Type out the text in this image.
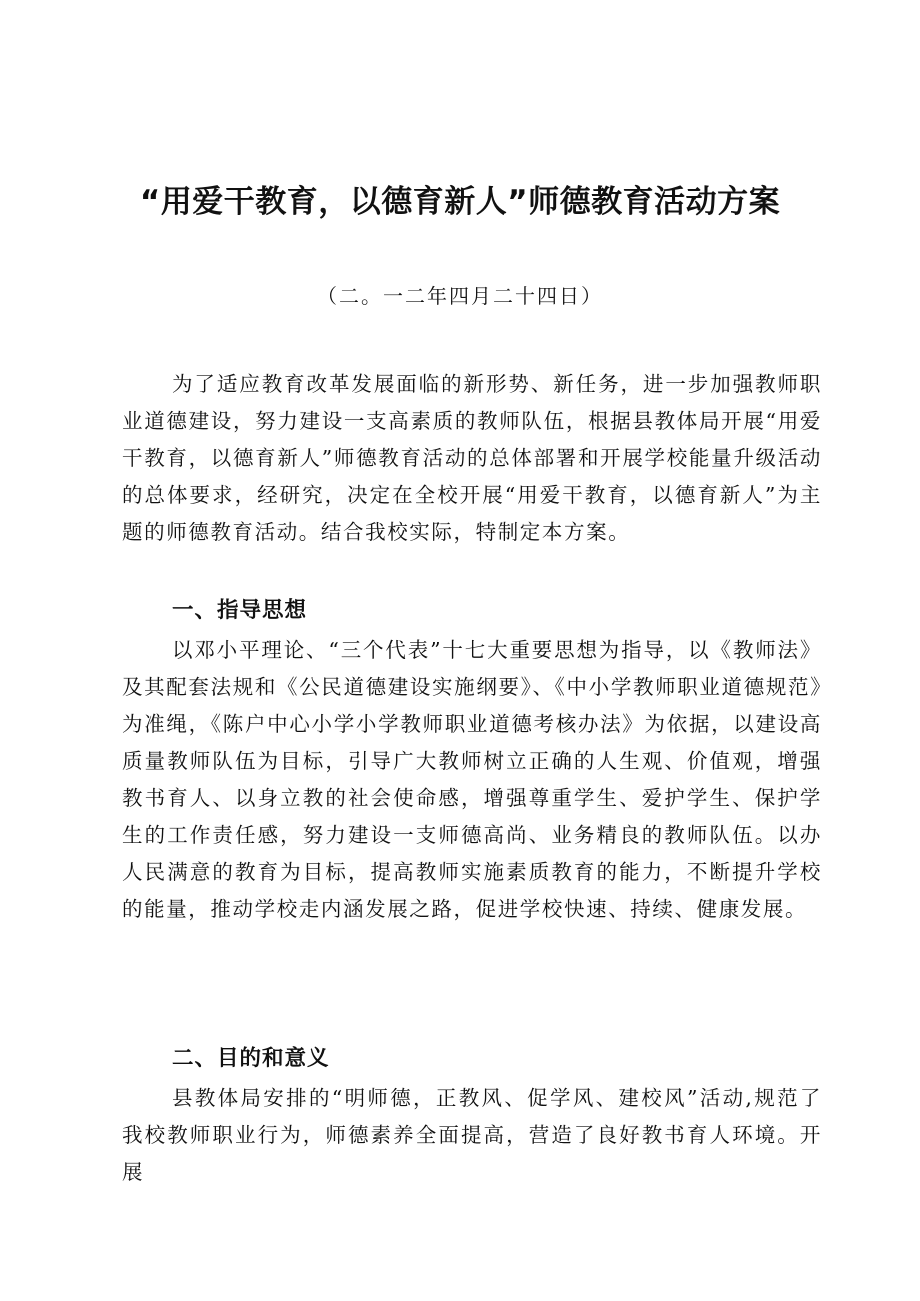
“用爱干教育，以德育新人”师德教育活动方案
（二。一二年四月二十四日）

为了适应教育改革发展面临的新形势、新任务，进一步加强教师职业道德建设，努力建设一支高素质的教师队伍，根据县教体局开展“用爱干教育，以德育新人”师德教育活动的总体部署和开展学校能量升级活动的总体要求，经研究，决定在全校开展“用爱干教育，以德育新人”为主题的师德教育活动。结合我校实际，特制定本方案。

一、指导思想

以邓小平理论、“三个代表”十七大重要思想为指导，以《教师法》及其配套法规和《公民道德建设实施纲要》、《中小学教师职业道德规范》为准绳，《陈户中心小学小学教师职业道德考核办法》为依据，以建设高质量教师队伍为目标，引导广大教师树立正确的人生观、价值观，增强教书育人、以身立教的社会使命感，增强尊重学生、爱护学生、保护学生的工作责任感，努力建设一支师德高尚、业务精良的教师队伍。以办人民满意的教育为目标，提高教师实施素质教育的能力，不断提升学校的能量，推动学校走内涵发展之路，促进学校快速、持续、健康发展。

二、目的和意义

县教体局安排的“明师德，正教风、促学风、建校风”活动,规范了我校教师职业行为，师德素养全面提高，营造了良好教书育人环境。开展
